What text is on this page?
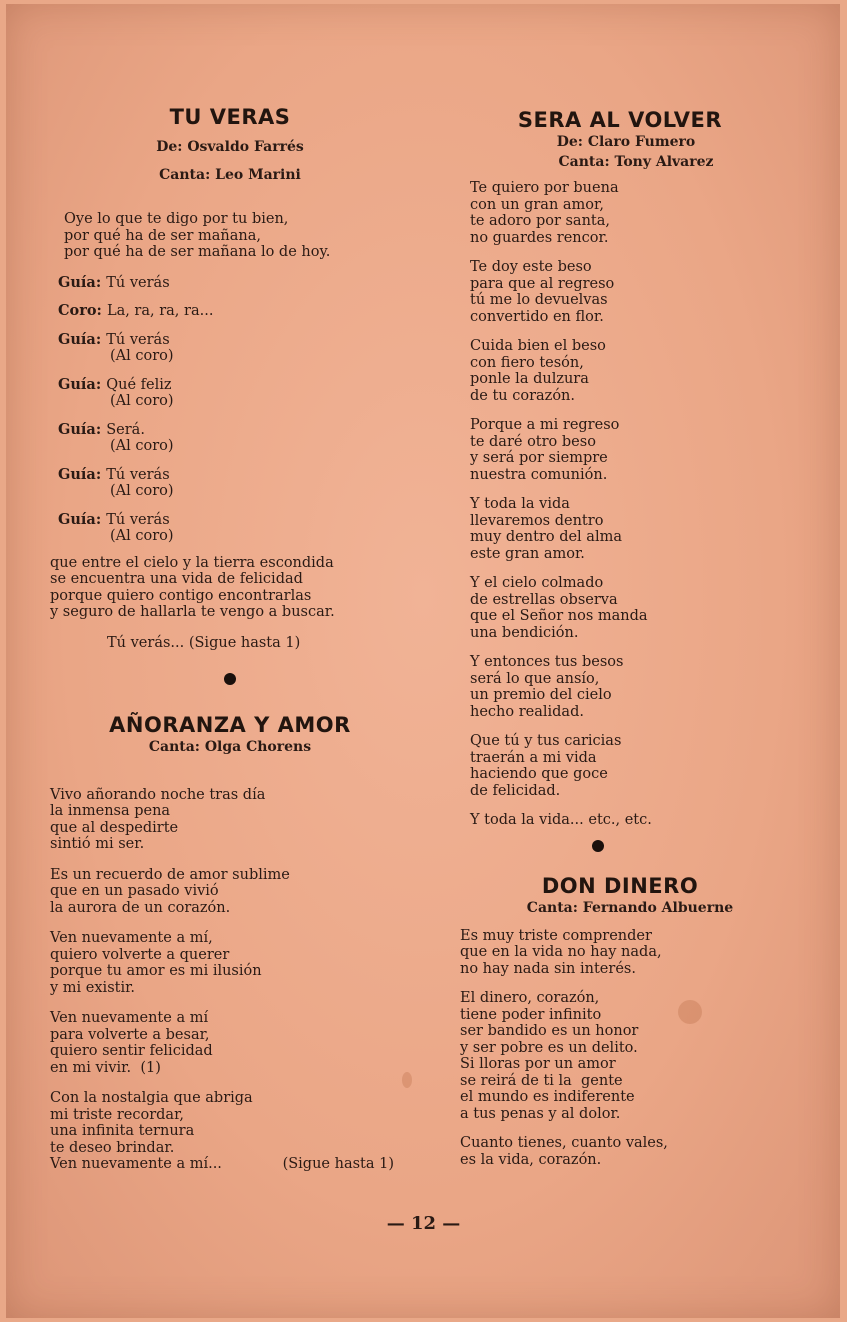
TU VERAS

De: Osvaldo Farrés

Canta: Leo Marini

Oye lo que te digo por tu bien,
por qué ha de ser mañana,
por qué ha de ser mañana lo de hoy.
Guía: Tú verás
Coro: La, ra, ra, ra...
Guía: Tú verás
(Al coro)
Guía: Qué feliz
(Al coro)
Guía: Será.
(Al coro)
Guía: Tú verás
(Al coro)
Guía: Tú verás
(Al coro)
que entre el cielo y la tierra escondida
se encuentra una vida de felicidad
porque quiero contigo encontrarlas
y seguro de hallarla te vengo a buscar.
Tú verás... (Sigue hasta 1)
AÑORANZA Y AMOR

Canta: Olga Chorens

Vivo añorando noche tras día
la inmensa pena
que al despedirte
sintió mi ser.
Es un recuerdo de amor sublime
que en un pasado vivió
la aurora de un corazón.
Ven nuevamente a mí,
quiero volverte a querer
porque tu amor es mi ilusión
y mi existir.
Ven nuevamente a mí
para volverte a besar,
quiero sentir felicidad
en mi vivir.  (1)
Con la nostalgia que abriga
mi triste recordar,
una infinita ternura
te deseo brindar.
Ven nuevamente a mí...	(Sigue hasta 1)
SERA AL VOLVER

De: Claro Fumero

Canta: Tony Alvarez

Te quiero por buena
con un gran amor,
te adoro por santa,
no guardes rencor.
Te doy este beso
para que al regreso
tú me lo devuelvas
convertido en flor.
Cuida bien el beso
con fiero tesón,
ponle la dulzura
de tu corazón.
Porque a mi regreso
te daré otro beso
y será por siempre
nuestra comunión.
Y toda la vida
llevaremos dentro
muy dentro del alma
este gran amor.
Y el cielo colmado
de estrellas observa
que el Señor nos manda
una bendición.
Y entonces tus besos
será lo que ansío,
un premio del cielo
hecho realidad.
Que tú y tus caricias
traerán a mi vida
haciendo que goce
de felicidad.
Y toda la vida... etc., etc.
DON DINERO

Canta: Fernando Albuerne

Es muy triste comprender
que en la vida no hay nada,
no hay nada sin interés.
El dinero, corazón,
tiene poder infinito
ser bandido es un honor
y ser pobre es un delito.
Si lloras por un amor
se reirá de ti la  gente
el mundo es indiferente
a tus penas y al dolor.
Cuanto tienes, cuanto vales,
es la vida, corazón.
— 12 —
